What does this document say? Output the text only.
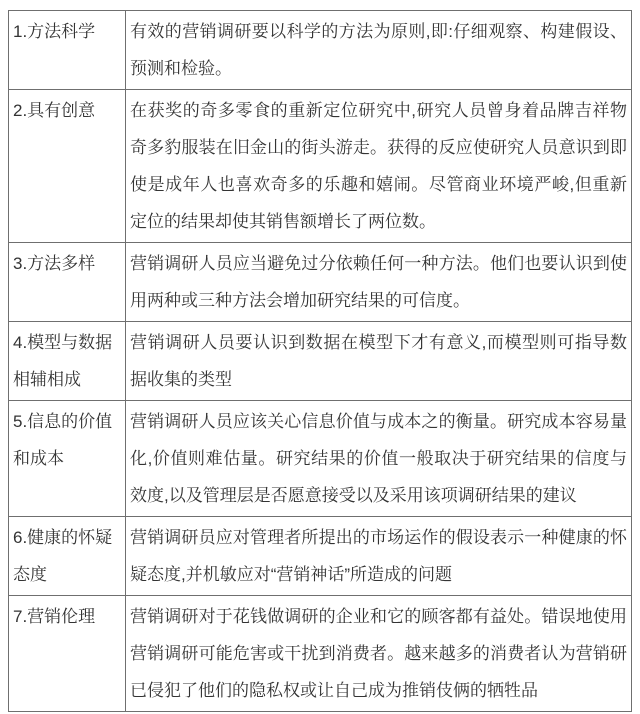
1.方法科学	有效的营销调研要以科学的方法为原则,即:仔细观察、构建假设、预测和检验。
2.具有创意	在获奖的奇多零食的重新定位研究中,研究人员曾身着品牌吉祥物奇多豹服装在旧金山的街头游走。获得的反应使研究人员意识到即使是成年人也喜欢奇多的乐趣和嬉闹。尽管商业环境严峻,但重新定位的结果却使其销售额增长了两位数。
3.方法多样	营销调研人员应当避免过分依赖任何一种方法。他们也要认识到使用两种或三种方法会增加研究结果的可信度。
4.模型与数据相辅相成	营销调研人员要认识到数据在模型下才有意义,而模型则可指导数据收集的类型
5.信息的价值和成本	营销调研人员应该关心信息价值与成本之的衡量。研究成本容易量化,价值则难估量。研究结果的价值一般取决于研究结果的信度与效度,以及管理层是否愿意接受以及采用该项调研结果的建议
6.健康的怀疑态度	营销调研员应对管理者所提出的市场运作的假设表示一种健康的怀疑态度,并机敏应对“营销神话”所造成的问题
7.营销伦理	营销调研对于花钱做调研的企业和它的顾客都有益处。错误地使用营销调研可能危害或干扰到消费者。越来越多的消费者认为营销研已侵犯了他们的隐私权或让自己成为推销伎俩的牺牲品
